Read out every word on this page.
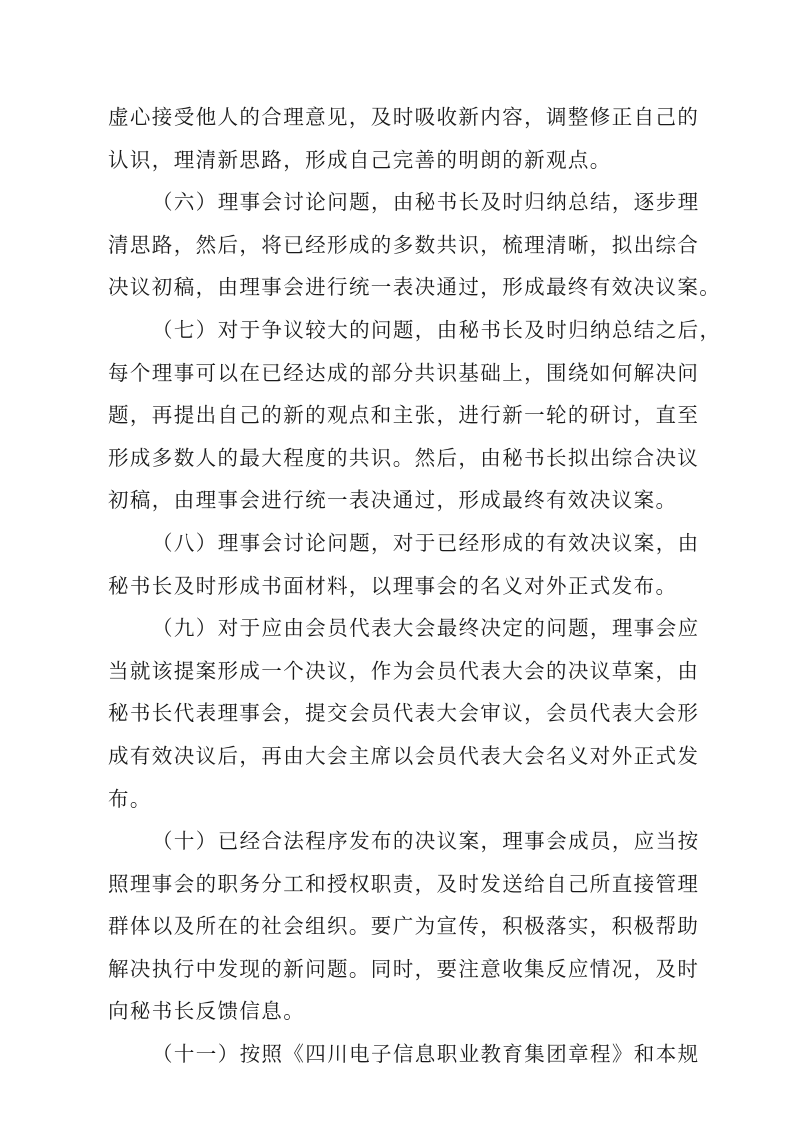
虚心接受他人的合理意见，及时吸收新内容，调整修正自己的
认识，理清新思路，形成自己完善的明朗的新观点。
（六）理事会讨论问题，由秘书长及时归纳总结，逐步理
清思路，然后，将已经形成的多数共识，梳理清晰，拟出综合
决议初稿，由理事会进行统一表决通过，形成最终有效决议案。
（七）对于争议较大的问题，由秘书长及时归纳总结之后，
每个理事可以在已经达成的部分共识基础上，围绕如何解决问
题，再提出自己的新的观点和主张，进行新一轮的研讨，直至
形成多数人的最大程度的共识。然后，由秘书长拟出综合决议
初稿，由理事会进行统一表决通过，形成最终有效决议案。
（八）理事会讨论问题，对于已经形成的有效决议案，由
秘书长及时形成书面材料，以理事会的名义对外正式发布。
（九）对于应由会员代表大会最终决定的问题，理事会应
当就该提案形成一个决议，作为会员代表大会的决议草案，由
秘书长代表理事会，提交会员代表大会审议，会员代表大会形
成有效决议后，再由大会主席以会员代表大会名义对外正式发
布。
（十）已经合法程序发布的决议案，理事会成员，应当按
照理事会的职务分工和授权职责，及时发送给自己所直接管理
群体以及所在的社会组织。要广为宣传，积极落实，积极帮助
解决执行中发现的新问题。同时，要注意收集反应情况，及时
向秘书长反馈信息。
（十一）按照《四川电子信息职业教育集团章程》和本规
